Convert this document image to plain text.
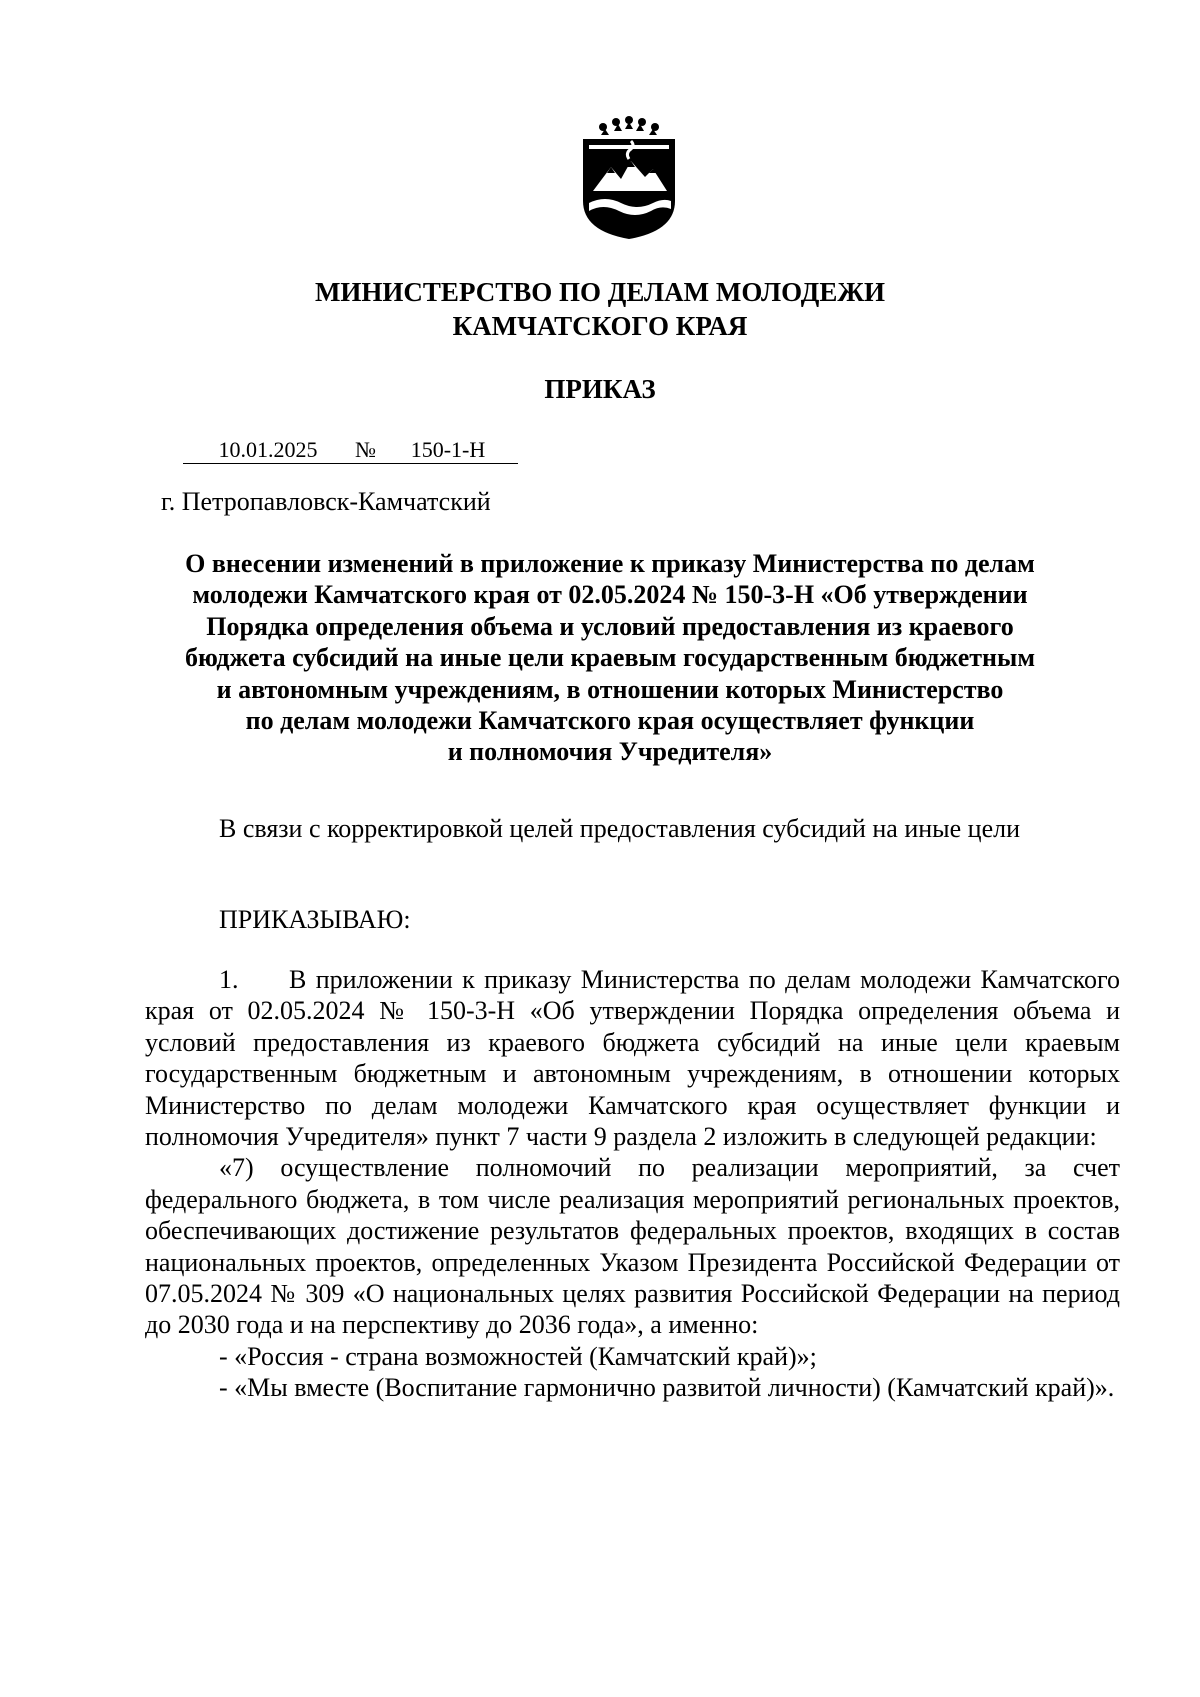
МИНИСТЕРСТВО ПО ДЕЛАМ МОЛОДЕЖИ
КАМЧАТСКОГО КРАЯ
ПРИКАЗ
10.01.2025 № 150-1-Н
г. Петропавловск-Камчатский
О внесении изменений в приложение к приказу Министерства по делам
молодежи Камчатского края от 02.05.2024 № 150-3-Н «Об утверждении
Порядка определения объема и условий предоставления из краевого
бюджета субсидий на иные цели краевым государственным бюджетным
и автономным учреждениям, в отношении которых Министерство
по делам молодежи Камчатского края осуществляет функции
и полномочия Учредителя»
В связи с корректировкой целей предоставления субсидий на иные цели
ПРИКАЗЫВАЮ:

1. В приложении к приказу Министерства по делам молодежи Камчатского края от 02.05.2024 № 150-3-Н «Об утверждении Порядка определения объема и условий предоставления из краевого бюджета субсидий на иные цели краевым государственным бюджетным и автономным учреждениям, в отношении которых Министерство по делам молодежи Камчатского края осуществляет функции и полномочия Учредителя» пункт 7 части 9 раздела 2 изложить в следующей редакции:

«7) осуществление полномочий по реализации мероприятий, за счет федерального бюджета, в том числе реализация мероприятий региональных проектов, обеспечивающих достижение результатов федеральных проектов, входящих в состав национальных проектов, определенных Указом Президента Российской Федерации от 07.05.2024 № 309 «О национальных целях развития Российской Федерации на период до 2030 года и на перспективу до 2036 года», а именно:

- «Россия - страна возможностей (Камчатский край)»;

- «Мы вместе (Воспитание гармонично развитой личности) (Камчатский край)».
